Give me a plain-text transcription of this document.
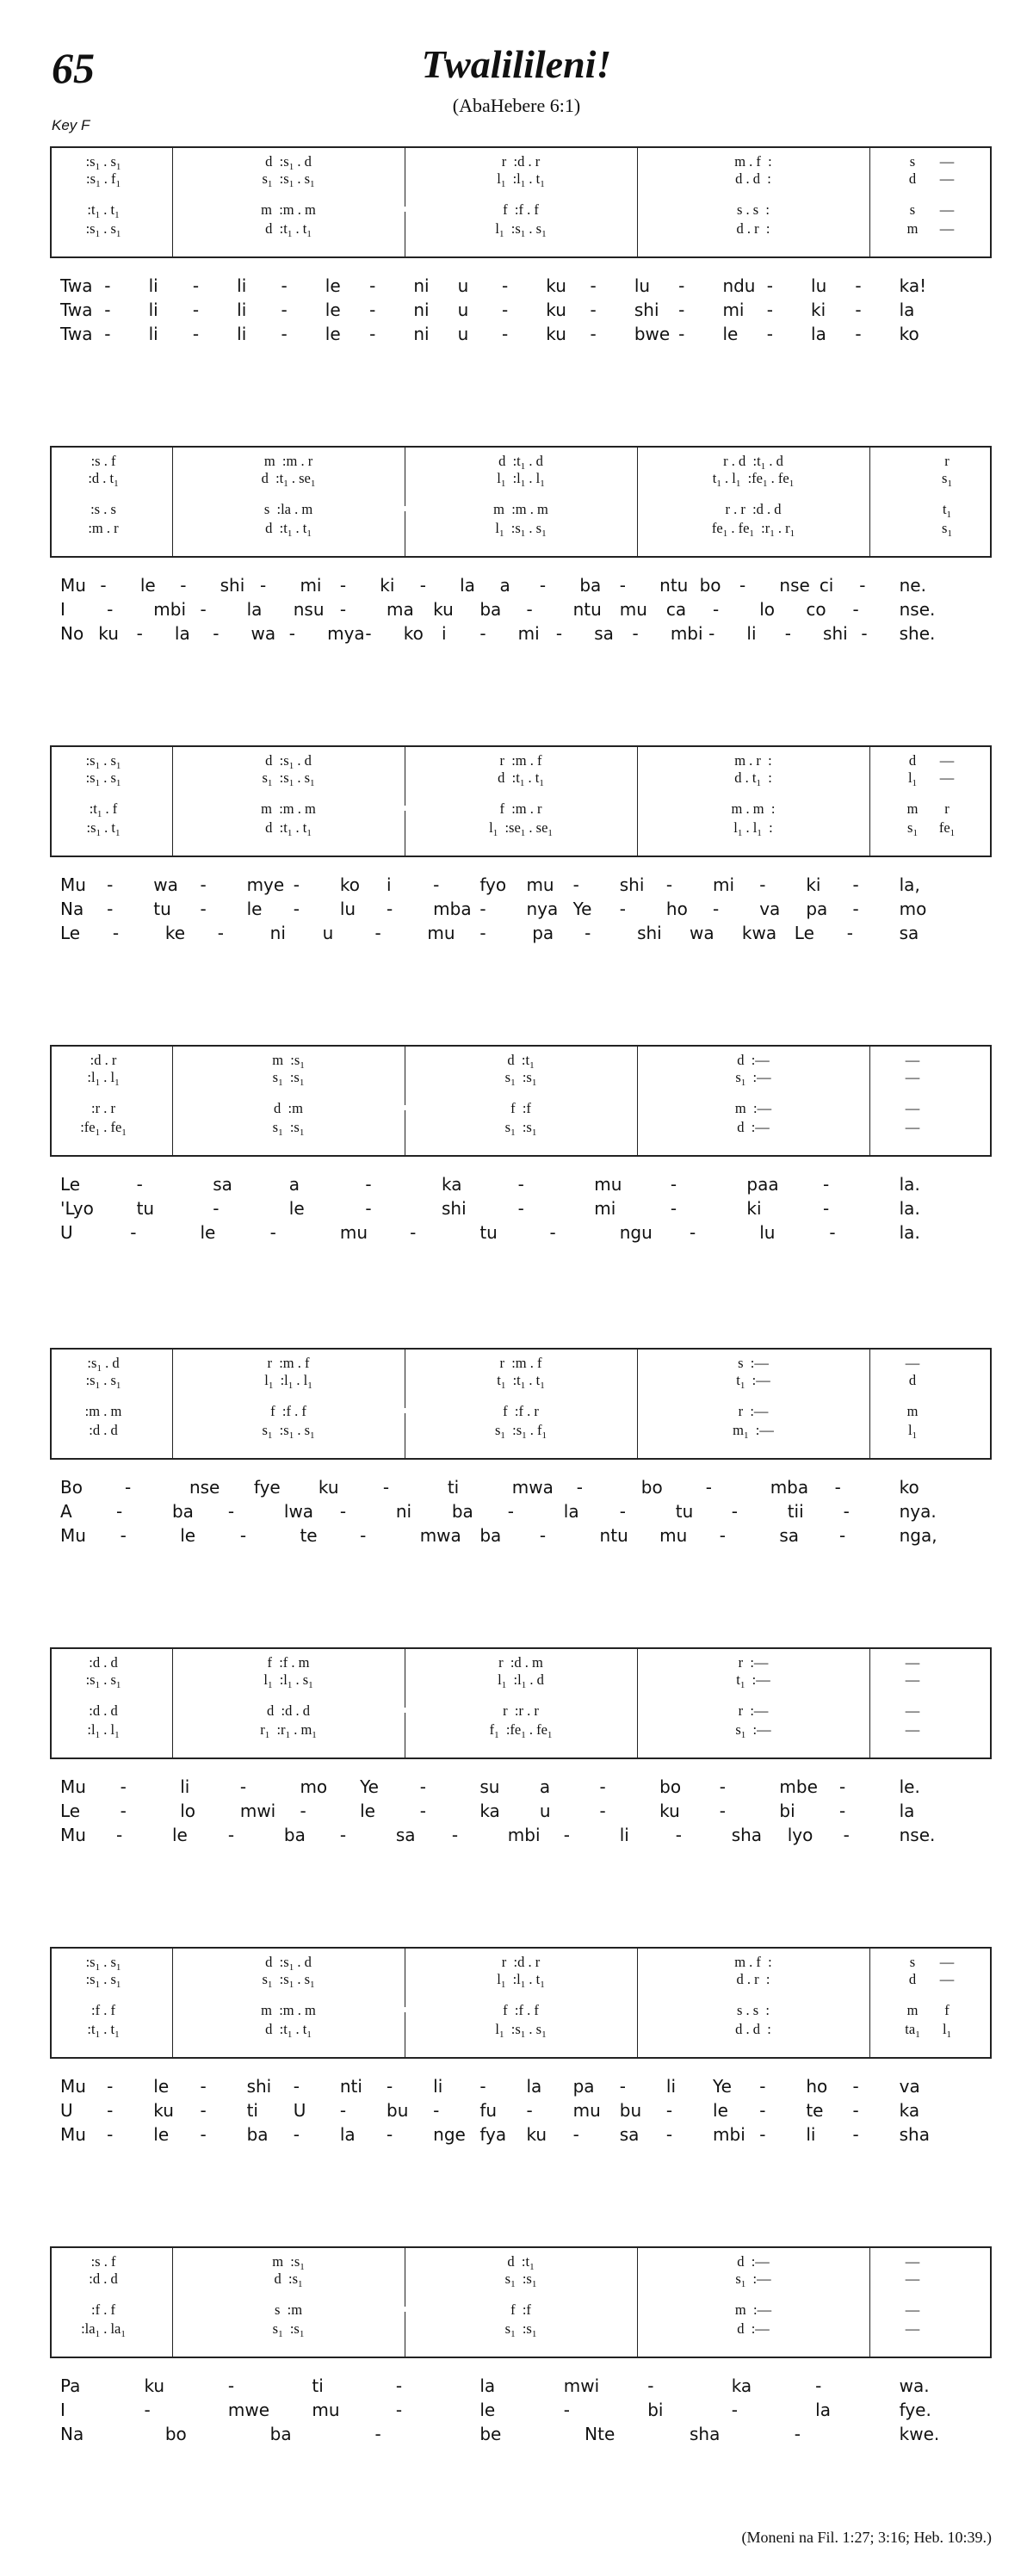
65	Twalilileni!
(AbaHebere 6:1)
Key F
$:s_1$ . $s_1$	d  $:s_1$ . d	r  :d . r	m . f  :	s	—
$:s_1$ . $f_1$	$s_1$  $:s_1$ . $s_1$	$l_1$  $:l_1$ . $t_1$	d . d  :	d	—
$:t_1$ . $t_1$	m  :m . m	f  :f . f	s . s  :	s	—
$:s_1$ . $s_1$	d  $:t_1$ . $t_1$	$l_1$  $:s_1$ . $s_1$	d . r  :	m	—
Twa - li - li - le - ni u - ku - lu - ndu - lu - ka!
Twa - li - li - le - ni u - ku - shi - mi - ki - la
Twa - li - li - le - ni u - ku - bwe - le - la - ko
:s . f	m  :m . r	d  $:t_1$ . d	r . d  $:t_1$ . d	r
:d . $t_1$	d  $:t_1$ . $se_1$	$l_1$  $:l_1$ . $l_1$	$t_1$ . $l_1$  $:fe_1$ . $fe_1$	$s_1$
:s . s	s  :la . m	m  :m . m	r . r  :d . d	$t_1$
:m . r	d  $:t_1$ . $t_1$	$l_1$  $:s_1$ . $s_1$	$fe_1$ . $fe_1$  $:r_1$ . $r_1$	$s_1$
Mu - le - shi - mi - ki - la a - ba - ntu bo - nse ci - ne.
I - mbi - la nsu - ma ku ba - ntu mu ca - lo co - nse.
No ku - la - wa - mya - ko i - mi - sa - mbi - li - shi - she.
$:s_1$ . $s_1$	d  $:s_1$ . d	r  :m . f	m . r  :	d	—
$:s_1$ . $s_1$	$s_1$  $:s_1$ . $s_1$	d  $:t_1$ . $t_1$	d . $t_1$  :	$l_1$	—
$:t_1$ . f	m  :m . m	f  :m . r	m . m  :	m	r
$:s_1$ . $t_1$	d  $:t_1$ . $t_1$	$l_1$  $:se_1$ . $se_1$	$l_1$ . $l_1$  :	$s_1$	$fe_1$
Mu - wa - mye - ko i - fyo mu - shi - mi - ki - la,
Na - tu - le - lu - mba - nya Ye - ho - va pa - mo
Le -	ke -	ni u -	mu -	pa -	shi wa kwa Le -	sa
:d . r	m  $:s_1$	d  $:t_1$	d  :—	—
$:l_1$ . $l_1$	$s_1$  $:s_1$	$s_1$  $:s_1$	$s_1$  :—	—
:r . r	d  :m	f  :f	m  :—	—
$:fe_1$ . $fe_1$	$s_1$  $:s_1$	$s_1$  $:s_1$	d  :—	—
Le	-	sa	a	-	ka	-	mu	-	paa	-	la.
'Lyo tu	-	le	-	shi	-	mi	-	ki	-	la.
U	-	le	-	mu -	tu	-	ngu -	lu	-	la.
$:s_1$ . d	r  :m . f	r  :m . f	s  :—	—
$:s_1$ . $s_1$	$l_1$  $:l_1$ . $l_1$	$t_1$  $:t_1$ . $t_1$	$t_1$  :—	d
:m . m	f  :f . f	f  :f . r	r  :—	m
:d . d	$s_1$  $:s_1$ . $s_1$	$s_1$  $:s_1$ . $f_1$	$m_1$  :—	$l_1$
Bo -	nse fye ku	-	ti	mwa -	bo	-	mba -	ko
A	-	ba -	lwa -	ni ba -	la -	tu -	tii -	nya.
Mu -	le	-	te -	mwa ba -	ntu mu -	sa -	nga,
:d . d	f  :f . m	r  :d . m	r  :—	—
$:s_1$ . $s_1$	$l_1$  $:l_1$ . $s_1$	$l_1$  $:l_1$ . d	$t_1$  :—	—
:d . d	d  :d . d	r  :r . r	r  :—	—
$:l_1$ . $l_1$	$r_1$  $:r_1$ . $m_1$	$f_1$  $:fe_1$ . $fe_1$	$s_1$  :—	—
Mu -	li	-	mo Ye -	su a	-	bo -	mbe -	le.
Le -	lo	mwi -	le	-	ka u	-	ku -	bi	-	la
Mu -	le -	ba -	sa -	mbi -	li	-	sha lyo -	nse.
$:s_1$ . $s_1$	d  $:s_1$ . d	r  :d . r	m . f  :	s	—
$:s_1$ . $s_1$	$s_1$  $:s_1$ . $s_1$	$l_1$  $:l_1$ . $t_1$	d . r  :	d	—
:f . f	m  :m . m	f  :f . f	s . s  :	m	f
$:t_1$ . $t_1$	d  $:t_1$ . $t_1$	$l_1$  $:s_1$ . $s_1$	d . d  :	$ta_1$	$l_1$
Mu - le - shi - nti - li - la pa - li Ye - ho - va
U - ku - ti U - bu - fu - mu bu - le - te - ka
Mu - le - ba - la - nge fya ku - sa - mbi - li - sha
:s . f	m  $:s_1$	d  $:t_1$	d  :—	—
:d . d	d  $:s_1$	$s_1$  $:s_1$	$s_1$  :—	—
:f . f	s  :m	f  :f	m  :—	—
$:la_1$ . $la_1$	$s_1$  $:s_1$	$s_1$  $:s_1$	d  :—	—
Pa	ku	-	ti	-	la	mwi	-	ka	-	wa.
I	-	mwe mu	-	le	-	bi	-	la	fye.
Na	bo	ba	-	be	Nte	sha	-	kwe.
(Moneni na Fil. 1:27; 3:16; Heb. 10:39.)
